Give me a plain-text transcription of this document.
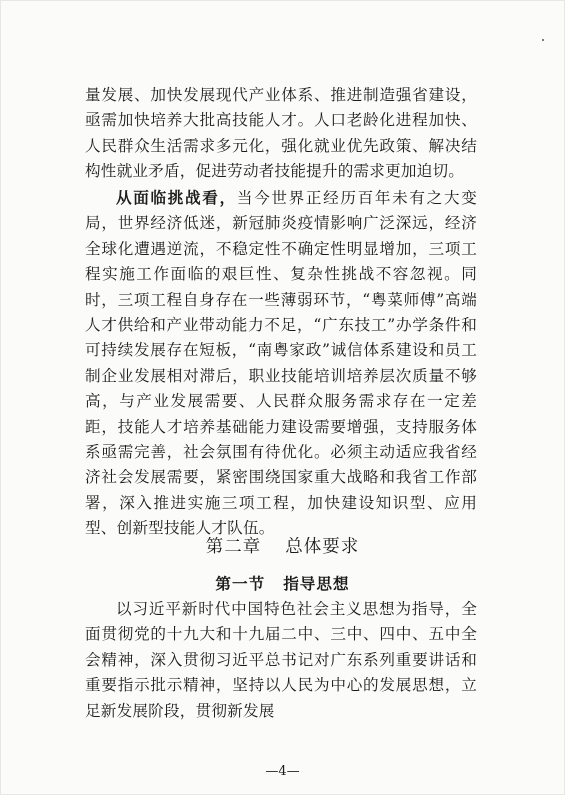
量发展、加快发展现代产业体系、推进制造强省建设，亟需加快培养大批高技能人才。人口老龄化进程加快、人民群众生活需求多元化，强化就业优先政策、解决结构性就业矛盾，促进劳动者技能提升的需求更加迫切。

从面临挑战看，当今世界正经历百年未有之大变局，世界经济低迷，新冠肺炎疫情影响广泛深远，经济全球化遭遇逆流，不稳定性不确定性明显增加，三项工程实施工作面临的艰巨性、复杂性挑战不容忽视。同时，三项工程自身存在一些薄弱环节，“粤菜师傅”高端人才供给和产业带动能力不足，“广东技工”办学条件和可持续发展存在短板，“南粤家政”诚信体系建设和员工制企业发展相对滞后，职业技能培训培养层次质量不够高，与产业发展需要、人民群众服务需求存在一定差距，技能人才培养基础能力建设需要增强，支持服务体系亟需完善，社会氛围有待优化。必须主动适应我省经济社会发展需要，紧密围绕国家重大战略和我省工作部署，深入推进实施三项工程，加快建设知识型、应用型、创新型技能人才队伍。

第二章 总体要求
第一节 指导思想

以习近平新时代中国特色社会主义思想为指导，全面贯彻党的十九大和十九届二中、三中、四中、五中全会精神，深入贯彻习近平总书记对广东系列重要讲话和重要指示批示精神，坚持以人民为中心的发展思想，立足新发展阶段，贯彻新发展

—4—
